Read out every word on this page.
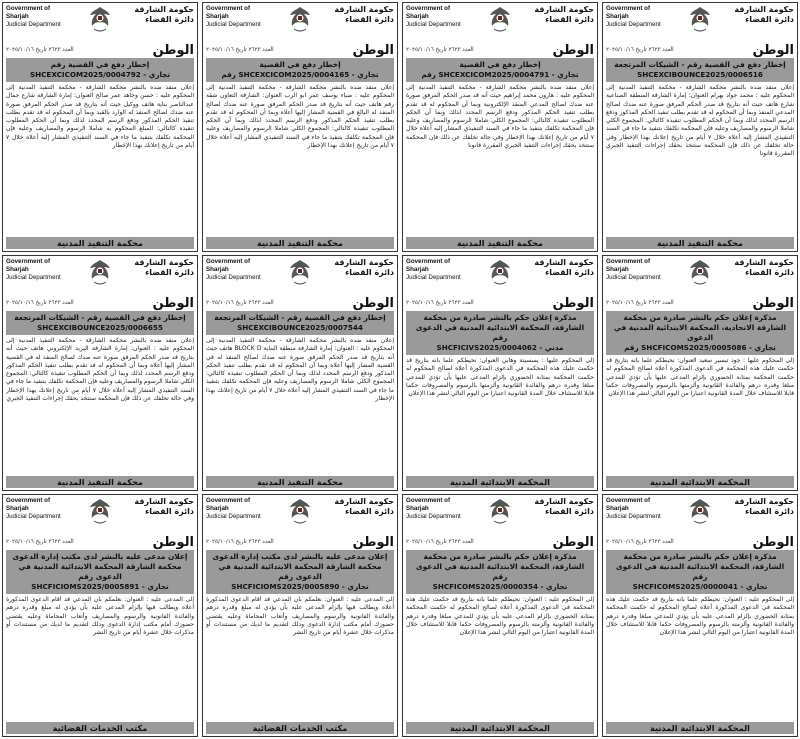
Government of Sharjah
Judicial Department
حكومة الشارقة
دائرة القضاء
العدد ٢٦٢٣ تاريخ ٢٠٢٥/١٠/١٦	الوطن
إخطار دفع في القضية رقم
SHCEXCICOM2025/0004792 - تجاري
إعلان منفذ ضده بالنشر محكمة الشارقة - محكمة التنفيذ المدنية إلى المحكوم عليه : حسن وجاهد عمر صالح العنوان: إمارة الشارقة شارع جمال عبدالناصر بناية هاتف ووكيل حيث أنه بتاريخ قد صدر الحكم المرفق صورة عنه ضدك لصالح المنفذ له الوارد بالقيد وبما أن المحكوم له قد تقدم بطلب تنفيذ الحكم المذكور ودفع الرسم المحدد لذلك وبما أن الحكم المطلوب تنفيذه كالتالي: المبلغ المحكوم به شاملا الرسوم والمصاريف وعليه فإن المحكمة تكلفك بتنفيذ ما جاء في السند التنفيذي المشار إليه أعلاه خلال ٧ أيام من تاريخ إعلانك بهذا الإخطار
محكمة التنفيذ المدنية
Government of Sharjah
Judicial Department
حكومة الشارقة
دائرة القضاء
العدد ٢٦٢٣ تاريخ ٢٠٢٥/١٠/١٦	الوطن
إخطار دفع في القضية
رقم SHCEXCICOM2025/0004165 - تجاري
إعلان منفذ ضده بالنشر محكمة الشارقة - محكمة التنفيذ المدنية إلى المحكوم عليه : ضياء يوسف عمر ابو الرب العنوان: الشارقة التعاون شقة رقم هاتف حيث أنه بتاريخ قد صدر الحكم المرفق صورة عنه ضدك لصالح المنفذ له البالغ في القضية المشار إليها أعلاه وبما أن المحكوم له قد تقدم بطلب تنفيذ الحكم المذكور ودفع الرسم المحدد لذلك وبما أن الحكم المطلوب تنفيذه كالتالي: المجموع الكلي شاملا الرسوم والمصاريف وعليه فإن المحكمة تكلفك بتنفيذ ما جاء في السند التنفيذي المشار إليه أعلاه خلال ٧ أيام من تاريخ إعلانك بهذا الإخطار
محكمة التنفيذ المدنية
Government of Sharjah
Judicial Department
حكومة الشارقة
دائرة القضاء
العدد ٢٦٢٣ تاريخ ٢٠٢٥/١٠/١٦	الوطن
إخطار دفع في القضية
رقم SHCEXCICOM2025/0004791 - تجاري
إعلان منفذ ضده بالنشر محكمة الشارقة - محكمة التنفيذ المدنية إلى المحكوم عليه : هارون محمد إبراهيم حيث أنه قد صدر الحكم المرفق صورة عنه ضدك لصالح المدعي المنفذ الإلكترونية وبما أن المحكوم له قد تقدم بطلب تنفيذ الحكم المذكور ودفع الرسم المحدد لذلك وبما أن الحكم المطلوب تنفيذه كالتالي: المجموع الكلي شاملا الرسوم والمصاريف وعليه فإن المحكمة تكلفك بتنفيذ ما جاء في السند التنفيذي المشار إليه أعلاه خلال ٧ أيام من تاريخ إعلانك بهذا الإخطار وفي حالة تخلفك عن ذلك فإن المحكمة ستتخذ بحقك إجراءات التنفيذ الجبري المقررة قانونا
محكمة التنفيذ المدنية
Government of Sharjah
Judicial Department
حكومة الشارقة
دائرة القضاء
العدد ٢٦٢٣ تاريخ ٢٠٢٥/١٠/١٦	الوطن
إخطار دفع في القضية رقم - الشيكات المرتجعة
SHCEXCIBOUNCE2025/0006516
إعلان منفذ ضده بالنشر محكمة الشارقة - محكمة التنفيذ المدنية إلى المحكوم عليه : محمد جواد بهرام العنوان: إمارة الشارقة المنطقة الصناعية شارع هاتف حيث أنه بتاريخ قد صدر الحكم المرفق صورة عنه ضدك لصالح المدعي المنفذ وبما أن المحكوم له قد تقدم بطلب تنفيذ الحكم المذكور ودفع الرسم المحدد لذلك وبما أن الحكم المطلوب تنفيذه كالتالي: المجموع الكلي شاملا الرسوم والمصاريف وعليه فإن المحكمة تكلفك بتنفيذ ما جاء في السند التنفيذي المشار إليه أعلاه خلال ٧ أيام من تاريخ إعلانك بهذا الإخطار وفي حالة تخلفك عن ذلك فإن المحكمة ستتخذ بحقك إجراءات التنفيذ الجبري المقررة قانونا
محكمة التنفيذ المدنية
Government of Sharjah
Judicial Department
حكومة الشارقة
دائرة القضاء
العدد ٢٦٢٣ تاريخ ٢٠٢٥/١٠/١٦	الوطن
إخطار دفع في القضية رقم - الشيكات المرتجعة
SHCEXCIBOUNCE2025/0006655
إعلان منفذ ضده بالنشر محكمة الشارقة - محكمة التنفيذ المدنية إلى المحكوم عليه : العنوان: إمارة الشارقة البريد الإلكتروني هاتف حيث أنه بتاريخ قد صدر الحكم المرفق صورة عنه ضدك لصالح المنفذ له في القضية المشار إليها أعلاه وبما أن المحكوم له قد تقدم بطلب تنفيذ الحكم المذكور ودفع الرسم المحدد لذلك وبما أن الحكم المطلوب تنفيذه كالتالي: المجموع الكلي شاملا الرسوم والمصاريف وعليه فإن المحكمة تكلفك بتنفيذ ما جاء في السند التنفيذي المشار إليه أعلاه خلال ٧ أيام من تاريخ إعلانك بهذا الإخطار وفي حالة تخلفك عن ذلك فإن المحكمة ستتخذ بحقك إجراءات التنفيذ الجبري
محكمة التنفيذ المدنية
Government of Sharjah
Judicial Department
حكومة الشارقة
دائرة القضاء
العدد ٢٦٢٣ تاريخ ٢٠٢٥/١٠/١٦	الوطن
إخطار دفع في القضية رقم - الشيكات المرتجعة
SHCEXCIBOUNCE2025/0007544
إعلان منفذ ضده بالنشر محكمة الشارقة - محكمة التنفيذ المدنية إلى المحكوم عليه : العنوان: إمارة الشارقة منطقة البناية BLOCK D هاتف حيث أنه بتاريخ قد صدر الحكم المرفق صورة عنه ضدك لصالح المنفذ له في القضية المشار إليها أعلاه وبما أن المحكوم له قد تقدم بطلب تنفيذ الحكم المذكور ودفع الرسم المحدد لذلك وبما أن الحكم المطلوب تنفيذه كالتالي: المجموع الكلي شاملا الرسوم والمصاريف وعليه فإن المحكمة تكلفك بتنفيذ ما جاء في السند التنفيذي المشار إليه أعلاه خلال ٧ أيام من تاريخ إعلانك بهذا الإخطار
محكمة التنفيذ المدنية
Government of Sharjah
Judicial Department
حكومة الشارقة
دائرة القضاء
العدد ٢٦٢٣ تاريخ ٢٠٢٥/١٠/١٦	الوطن
مذكرة إعلان حكم بالنشر صادرة من محكمة الشارقة، المحكمة الابتدائية المدنية في الدعوى رقم
SHCFICIVS2025/0004062 - مدني
إلى المحكوم عليها : يسسيتة وهابي العنوان: نحيطكم علما بأنه بتاريخ قد حكمت عليك هذه المحكمة في الدعوى المذكورة أعلاه لصالح المحكوم له حكمت المحكمة بمثابة الحضوري بإلزام المدعى عليها بأن تؤدي للمدعي مبلغا وقدره درهم والفائدة القانونية وألزمتها بالرسوم والمصروفات حكما قابلا للاستئناف خلال المدة القانونية اعتبارا من اليوم التالي لنشر هذا الإعلان
المحكمة الابتدائية المدنية
Government of Sharjah
Judicial Department
حكومة الشارقة
دائرة القضاء
العدد ٢٦٢٣ تاريخ ٢٠٢٥/١٠/١٦	الوطن
مذكرة إعلان حكم بالنشر صادرة من محكمة الشارقة الاتحادية، المحكمة الابتدائية المدنية في الدعوى
رقم SHCFICOMS2025/0005086 - تجاري
إلى المحكوم عليها : جود تيسير سعيد العنوان: نحيطكم علما بأنه بتاريخ قد حكمت عليك هذه المحكمة في الدعوى المذكورة أعلاه لصالح المحكوم له حكمت المحكمة بمثابة الحضوري بإلزام المدعى عليها بأن تؤدي للمدعي مبلغا وقدره درهم والفائدة القانونية وألزمتها بالرسوم والمصروفات حكما قابلا للاستئناف خلال المدة القانونية اعتبارا من اليوم التالي لنشر هذا الإعلان
المحكمة الابتدائية المدنية
Government of Sharjah
Judicial Department
حكومة الشارقة
دائرة القضاء
العدد ٢٦٢٣ تاريخ ٢٠٢٥/١٠/١٦	الوطن
إعلان مدعى عليه بالنشر لدى مكتب إدارة الدعوى محكمة الشارقة المحكمة الابتدائية المدنية في الدعوى رقم
SHCFICIOMS2025/0005891 - تجاري
إلى المدعى عليه : العنوان: نعلمكم بأن المدعي قد أقام الدعوى المذكورة أعلاه ويطالب فيها بإلزام المدعى عليه بأن يؤدي له مبلغ وقدره درهم والفائدة القانونية والرسوم والمصاريف وأتعاب المحاماة وعليه يقتضي حضورك أمام مكتب إدارة الدعوى وذلك لتقديم ما لديك من مستندات أو مذكرات خلال عشرة أيام من تاريخ النشر
مكتب الخدمات القضائية
Government of Sharjah
Judicial Department
حكومة الشارقة
دائرة القضاء
العدد ٢٦٢٣ تاريخ ٢٠٢٥/١٠/١٦	الوطن
إعلان مدعى عليه بالنشر لدى مكتب إدارة الدعوى محكمة الشارقة المحكمة الابتدائية المدنية في الدعوى رقم
SHCFICIOMS2025/0005890 - تجاري
إلى المدعى عليه : العنوان: نعلمكم بأن المدعي قد أقام الدعوى المذكورة أعلاه ويطالب فيها بإلزام المدعى عليه بأن يؤدي له مبلغ وقدره درهم والفائدة القانونية والرسوم والمصاريف وأتعاب المحاماة وعليه يقتضي حضورك أمام مكتب إدارة الدعوى وذلك لتقديم ما لديك من مستندات أو مذكرات خلال عشرة أيام من تاريخ النشر
مكتب الخدمات القضائية
Government of Sharjah
Judicial Department
حكومة الشارقة
دائرة القضاء
العدد ٢٦٢٣ تاريخ ٢٠٢٥/١٠/١٦	الوطن
مذكرة إعلان حكم بالنشر صادرة من محكمة الشارقة، المحكمة الابتدائية المدنية في الدعوى رقم
SHCFICOMS2025/0000354 - تجاري
إلى المحكوم عليه : العنوان: نحيطكم علما بأنه بتاريخ قد حكمت عليك هذه المحكمة في الدعوى المذكورة أعلاه لصالح المحكوم له حكمت المحكمة بمثابة الحضوري بإلزام المدعى عليه بأن يؤدي للمدعي مبلغا وقدره درهم والفائدة القانونية وألزمته بالرسوم والمصروفات حكما قابلا للاستئناف خلال المدة القانونية اعتبارا من اليوم التالي لنشر هذا الإعلان
المحكمة الابتدائية المدنية
Government of Sharjah
Judicial Department
حكومة الشارقة
دائرة القضاء
العدد ٢٦٢٣ تاريخ ٢٠٢٥/١٠/١٦	الوطن
مذكرة إعلان حكم بالنشر صادرة من محكمة الشارقة، المحكمة الابتدائية المدنية في الدعوى رقم
SHCFICOMS2025/0000041 - تجاري
إلى المحكوم عليه : العنوان: نحيطكم علما بأنه بتاريخ قد حكمت عليك هذه المحكمة في الدعوى المذكورة أعلاه لصالح المحكوم له حكمت المحكمة بمثابة الحضوري بإلزام المدعى عليه بأن يؤدي للمدعي مبلغا وقدره درهم والفائدة القانونية وألزمته بالرسوم والمصروفات حكما قابلا للاستئناف خلال المدة القانونية اعتبارا من اليوم التالي لنشر هذا الإعلان
المحكمة الابتدائية المدنية
